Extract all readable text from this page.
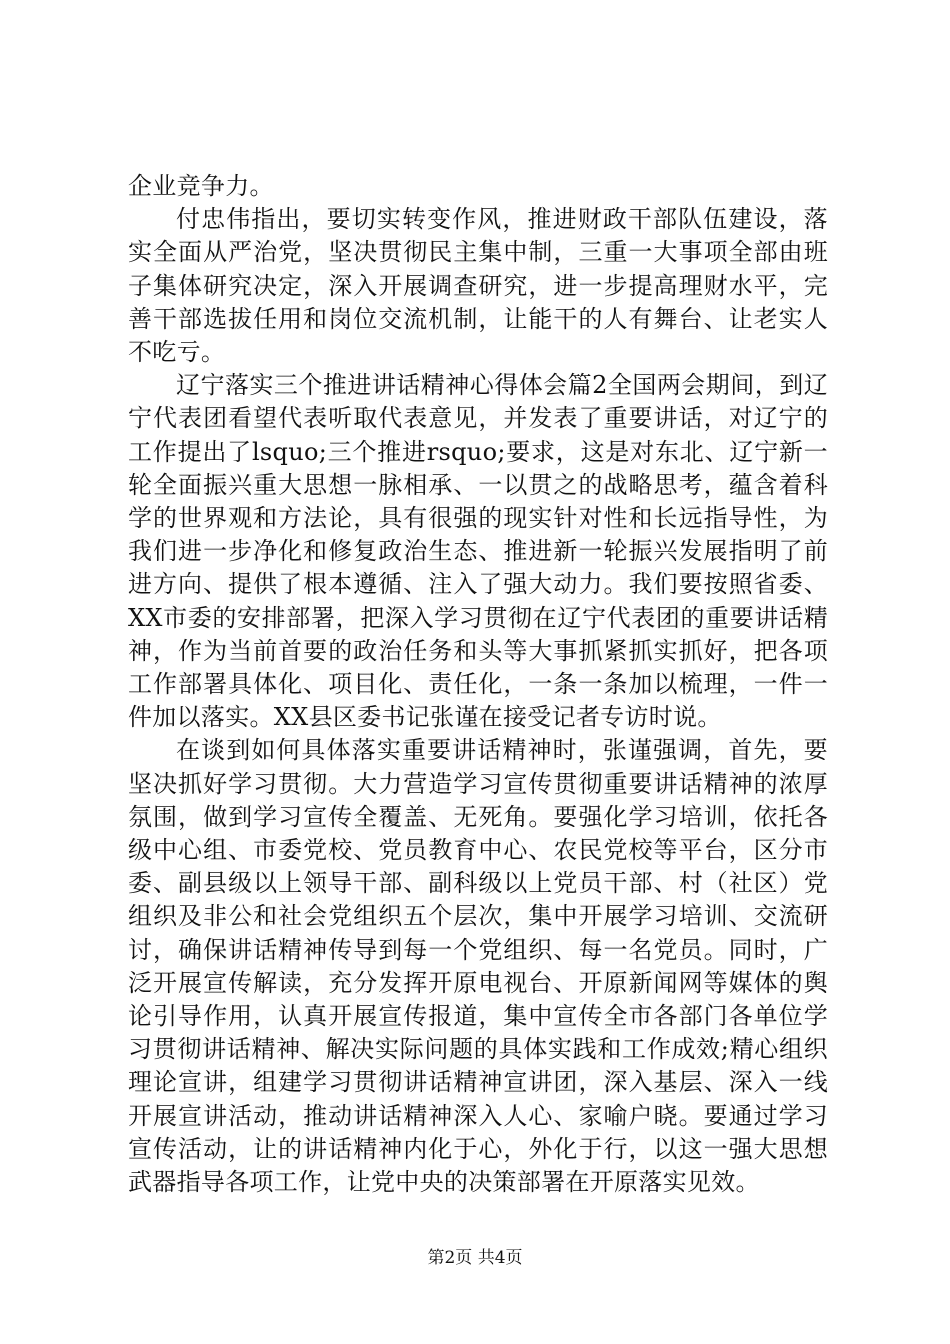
企业竞争力。

付忠伟指出，要切实转变作风，推进财政干部队伍建设，落实全面从严治党，坚决贯彻民主集中制，三重一大事项全部由班子集体研究决定，深入开展调查研究，进一步提高理财水平，完善干部选拔任用和岗位交流机制，让能干的人有舞台、让老实人不吃亏。

辽宁落实三个推进讲话精神心得体会篇2全国两会期间，到辽宁代表团看望代表听取代表意见，并发表了重要讲话，对辽宁的工作提出了lsquo;三个推进rsquo;要求，这是对东北、辽宁新一轮全面振兴重大思想一脉相承、一以贯之的战略思考，蕴含着科学的世界观和方法论，具有很强的现实针对性和长远指导性，为我们进一步净化和修复政治生态、推进新一轮振兴发展指明了前进方向、提供了根本遵循、注入了强大动力。我们要按照省委、XX市委的安排部署，把深入学习贯彻在辽宁代表团的重要讲话精神，作为当前首要的政治任务和头等大事抓紧抓实抓好，把各项工作部署具体化、项目化、责任化，一条一条加以梳理，一件一件加以落实。XX县区委书记张谨在接受记者专访时说。

在谈到如何具体落实重要讲话精神时，张谨强调，首先，要坚决抓好学习贯彻。大力营造学习宣传贯彻重要讲话精神的浓厚氛围，做到学习宣传全覆盖、无死角。要强化学习培训，依托各级中心组、市委党校、党员教育中心、农民党校等平台，区分市委、副县级以上领导干部、副科级以上党员干部、村（社区）党组织及非公和社会党组织五个层次，集中开展学习培训、交流研讨，确保讲话精神传导到每一个党组织、每一名党员。同时，广泛开展宣传解读，充分发挥开原电视台、开原新闻网等媒体的舆论引导作用，认真开展宣传报道，集中宣传全市各部门各单位学习贯彻讲话精神、解决实际问题的具体实践和工作成效;精心组织理论宣讲，组建学习贯彻讲话精神宣讲团，深入基层、深入一线开展宣讲活动，推动讲话精神深入人心、家喻户晓。要通过学习宣传活动，让的讲话精神内化于心，外化于行，以这一强大思想武器指导各项工作，让党中央的决策部署在开原落实见效。

第2页 共4页
